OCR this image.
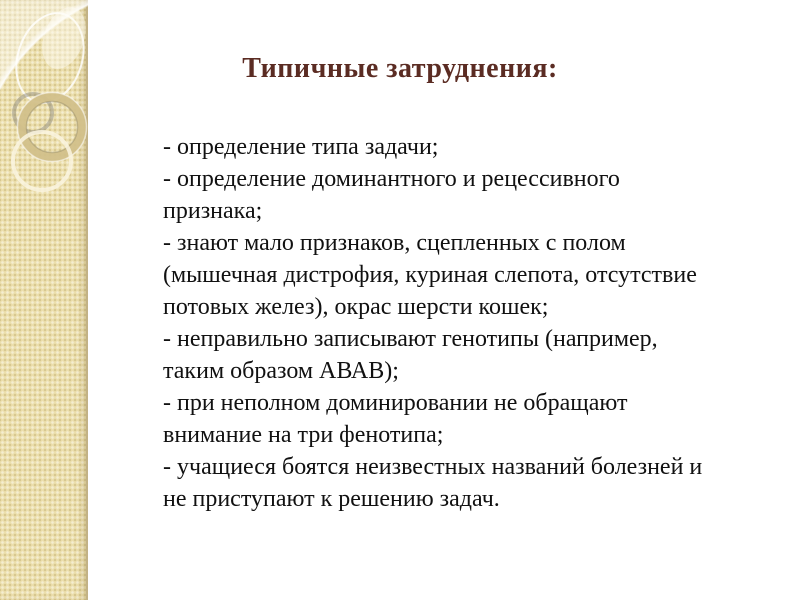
Типичные затруднения:
- определение типа задачи;
- определение доминантного и рецессивного
признака;
- знают мало признаков, сцепленных с полом
(мышечная дистрофия, куриная слепота, отсутствие
потовых желез), окрас шерсти кошек;
- неправильно записывают генотипы (например,
таким образом АВАВ);
- при неполном доминировании не обращают
внимание на три фенотипа;
- учащиеся боятся неизвестных названий болезней и
не приступают к решению задач.
